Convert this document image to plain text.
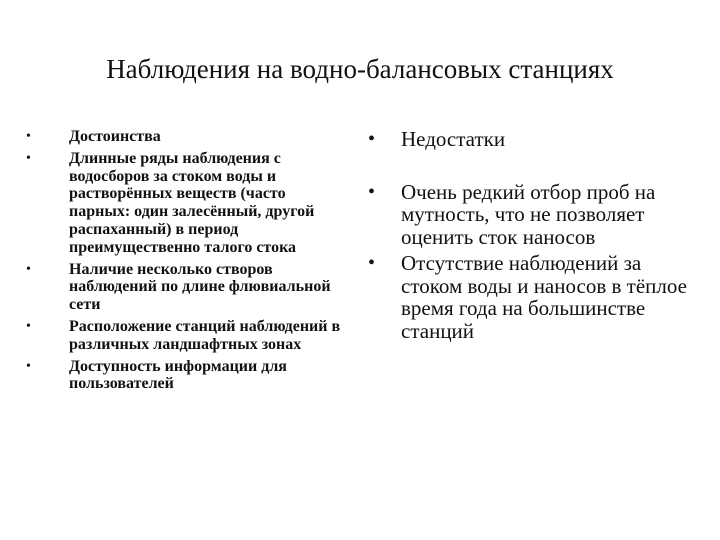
Наблюдения на водно-балансовых станциях
• Достоинства
• Длинные ряды наблюдения с водосборов за стоком воды и растворённых веществ (часто парных: один залесённый, другой распаханный) в период преимущественно талого стока
• Наличие несколько створов наблюдений по длине флювиальной сети
• Расположение станций наблюдений в различных ландшафтных зонах
• Доступность информации для пользователей
• Недостатки
• Очень редкий отбор проб на мутность, что не позволяет оценить сток наносов
• Отсутствие наблюдений за стоком воды и наносов в тёплое время года на большинстве станций
